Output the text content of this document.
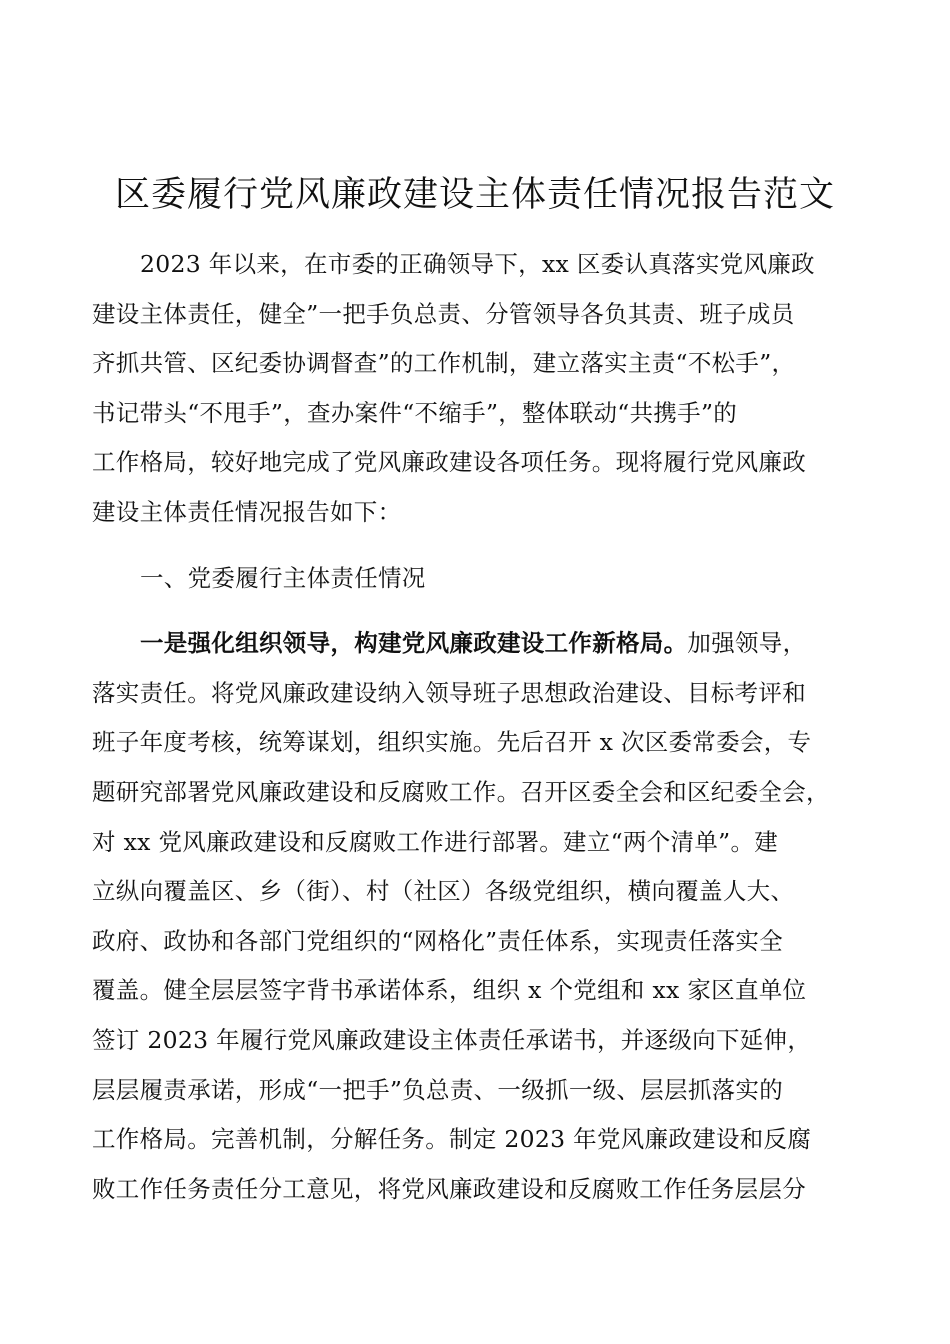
区委履行党风廉政建设主体责任情况报告范文
2023 年以来，在市委的正确领导下，xx 区委认真落实党风廉政
建设主体责任，健全”一把手负总责、分管领导各负其责、班子成员
齐抓共管、区纪委协调督查”的工作机制，建立落实主责“不松手”，
书记带头“不甩手”，查办案件“不缩手”，整体联动“共携手”的
工作格局，较好地完成了党风廉政建设各项任务。现将履行党风廉政
建设主体责任情况报告如下：
一、党委履行主体责任情况
一是强化组织领导，构建党风廉政建设工作新格局。加强领导，
落实责任。将党风廉政建设纳入领导班子思想政治建设、目标考评和
班子年度考核，统筹谋划，组织实施。先后召开 x 次区委常委会，专
题研究部署党风廉政建设和反腐败工作。召开区委全会和区纪委全会，
对 xx 党风廉政建设和反腐败工作进行部署。建立“两个清单”。建
立纵向覆盖区、乡（街）、村（社区）各级党组织，横向覆盖人大、
政府、政协和各部门党组织的“网格化”责任体系，实现责任落实全
覆盖。健全层层签字背书承诺体系，组织 x 个党组和 xx 家区直单位
签订 2023 年履行党风廉政建设主体责任承诺书，并逐级向下延伸，
层层履责承诺，形成“一把手”负总责、一级抓一级、层层抓落实的
工作格局。完善机制，分解任务。制定 2023 年党风廉政建设和反腐
败工作任务责任分工意见，将党风廉政建设和反腐败工作任务层层分
